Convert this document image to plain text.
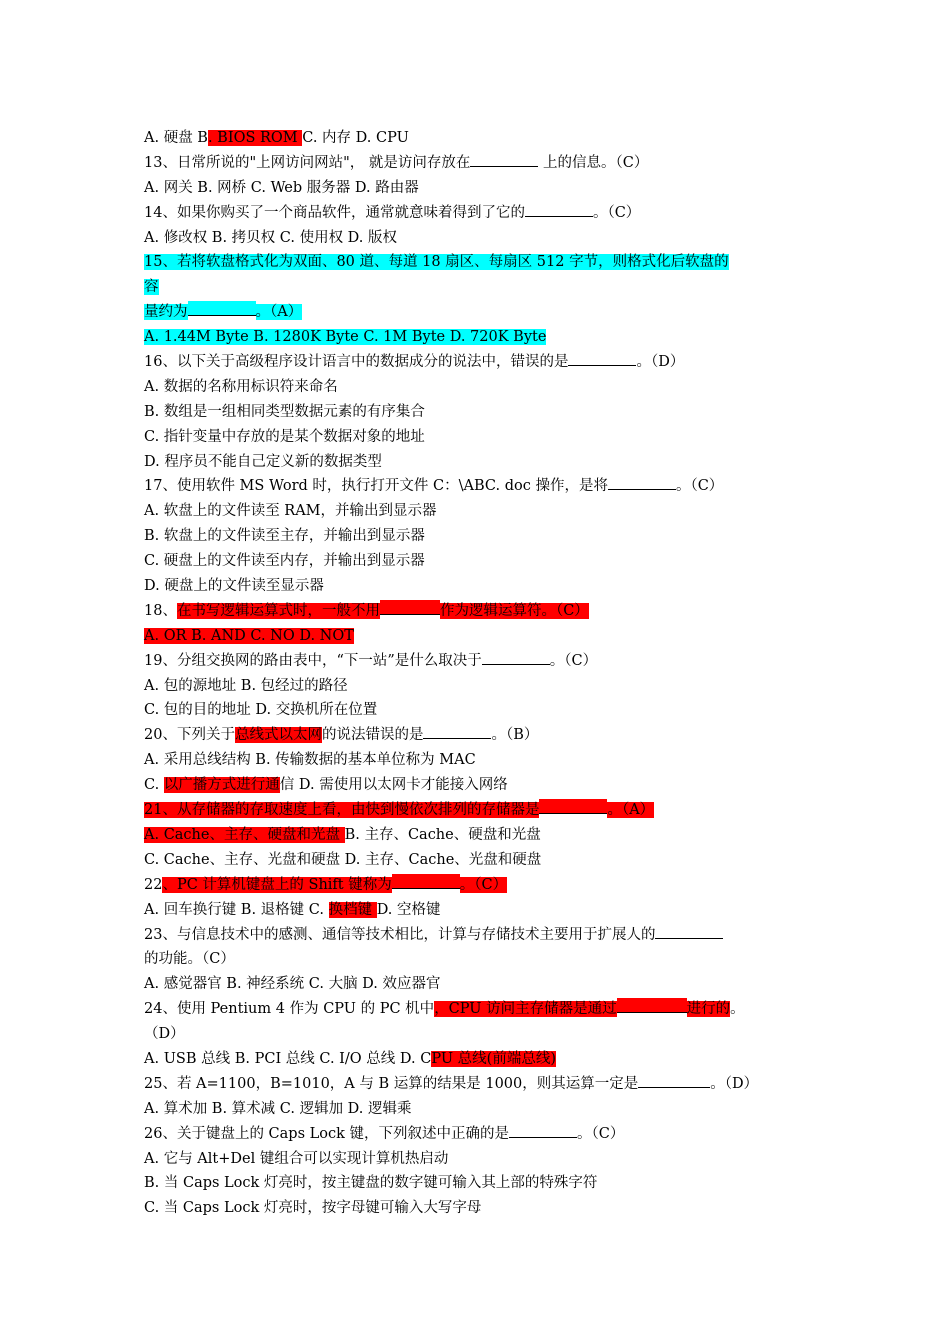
A. 硬盘 B. BIOS ROM C. 内存 D. CPU
13、日常所说的"上网访问网站"， 就是访问存放在	上的信息。（C）
A. 网关 B. 网桥 C. Web 服务器 D. 路由器
14、如果你购买了一个商品软件，通常就意味着得到了它的	。（C）
A. 修改权 B. 拷贝权 C. 使用权 D. 版权
15、若将软盘格式化为双面、80 道、每道 18 扇区、每扇区 512 字节，则格式化后软盘的
容
量约为	。（A）
A. 1.44M Byte B. 1280K Byte C. 1M Byte D. 720K Byte
16、以下关于高级程序设计语言中的数据成分的说法中，错误的是	。（D）
A. 数据的名称用标识符来命名
B. 数组是一组相同类型数据元素的有序集合
C. 指针变量中存放的是某个数据对象的地址
D. 程序员不能自己定义新的数据类型
17、使用软件 MS Word 时，执行打开文件 C：\ABC. doc 操作，是将	。（C）
A. 软盘上的文件读至 RAM，并输出到显示器
B. 软盘上的文件读至主存，并输出到显示器
C. 硬盘上的文件读至内存，并输出到显示器
D. 硬盘上的文件读至显示器
18、在书写逻辑运算式时，一般不用	作为逻辑运算符。（C）
A. OR B. AND C. NO D. NOT
19、分组交换网的路由表中，“下一站”是什么取决于	。（C）
A. 包的源地址 B. 包经过的路径
C. 包的目的地址 D. 交换机所在位置
20、下列关于总线式以太网的说法错误的是	。（B）
A. 采用总线结构 B. 传输数据的基本单位称为 MAC
C. 以广播方式进行通信 D. 需使用以太网卡才能接入网络
21、从存储器的存取速度上看，由快到慢依次排列的存储器是	。（A）
A. Cache、主存、硬盘和光盘 B. 主存、Cache、硬盘和光盘
C. Cache、主存、光盘和硬盘 D. 主存、Cache、光盘和硬盘
22、PC 计算机键盘上的 Shift 键称为	。（C）
A. 回车换行键 B. 退格键 C. 换档键 D. 空格键
23、与信息技术中的感测、通信等技术相比，计算与存储技术主要用于扩展人的
的功能。（C）
A. 感觉器官 B. 神经系统 C. 大脑 D. 效应器官
24、使用 Pentium 4 作为 CPU 的 PC 机中，CPU 访问主存储器是通过	进行的。
（D）
A. USB 总线 B. PCI 总线 C. I/O 总线 D. CPU 总线(前端总线)
25、若 A=1100，B=1010，A 与 B 运算的结果是 1000，则其运算一定是	。（D）
A. 算术加 B. 算术减 C. 逻辑加 D. 逻辑乘
26、关于键盘上的 Caps Lock 键，下列叙述中正确的是	。（C）
A. 它与 Alt+Del 键组合可以实现计算机热启动
B. 当 Caps Lock 灯亮时，按主键盘的数字键可输入其上部的特殊字符
C. 当 Caps Lock 灯亮时，按字母键可输入大写字母
